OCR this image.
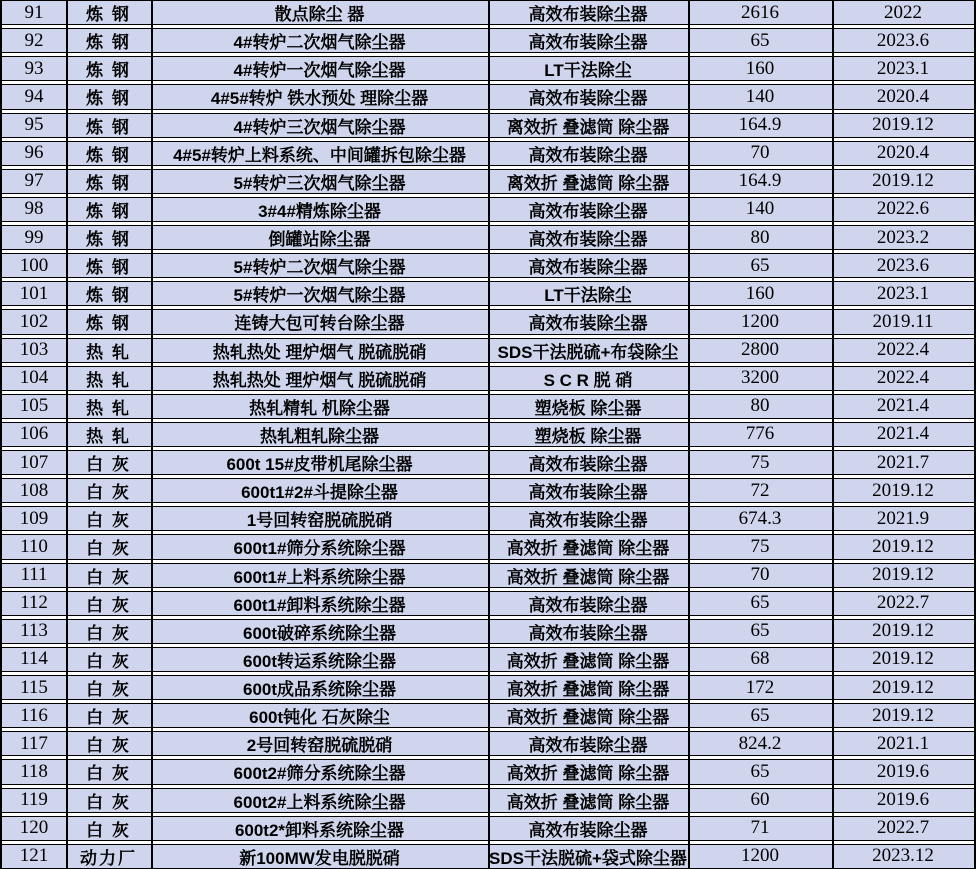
91	炼 钢	散点除尘 器	高效布装除尘器	2616	2022
92	炼 钢	4#转炉二次烟气除尘器	高效布装除尘器	65	2023.6
93	炼 钢	4#转炉一次烟气除尘器	LT干法除尘	160	2023.1
94	炼 钢	4#5#转炉 铁水预处 理除尘器	高效布装除尘器	140	2020.4
95	炼 钢	4#转炉三次烟气除尘器	离效折 叠滤筒 除尘器	164.9	2019.12
96	炼 钢	4#5#转炉上料系统、中间罐拆包除尘器	高效布装除尘器	70	2020.4
97	炼 钢	5#转炉三次烟气除尘器	离效折 叠滤筒 除尘器	164.9	2019.12
98	炼 钢	3#4#精炼除尘器	高效布装除尘器	140	2022.6
99	炼 钢	倒罐站除尘器	高效布装除尘器	80	2023.2
100	炼 钢	5#转炉二次烟气除尘器	高效布装除尘器	65	2023.6
101	炼 钢	5#转炉一次烟气除尘器	LT干法除尘	160	2023.1
102	炼 钢	连铸大包可转台除尘器	高效布装除尘器	1200	2019.11
103	热 轧	热轧热处 理炉烟气 脱硫脱硝	SDS干法脱硫+布袋除尘	2800	2022.4
104	热 轧	热轧热处 理炉烟气 脱硫脱硝	S C R 脱 硝	3200	2022.4
105	热 轧	热轧精轧 机除尘器	塑烧板 除尘器	80	2021.4
106	热 轧	热轧粗轧除尘器	塑烧板 除尘器	776	2021.4
107	白 灰	600t 15#皮带机尾除尘器	高效布装除尘器	75	2021.7
108	白 灰	600t1#2#斗提除尘器	高效布装除尘器	72	2019.12
109	白 灰	1号回转窑脱硫脱硝	高效布装除尘器	674.3	2021.9
110	白 灰	600t1#筛分系统除尘器	高效折 叠滤筒 除尘器	75	2019.12
111	白 灰	600t1#上料系统除尘器	高效折 叠滤筒 除尘器	70	2019.12
112	白 灰	600t1#卸料系统除尘器	高效布装除尘器	65	2022.7
113	白 灰	600t破碎系统除尘器	高效布装除尘器	65	2019.12
114	白 灰	600t转运系统除尘器	高效折 叠滤筒 除尘器	68	2019.12
115	白 灰	600t成品系统除尘器	高效折 叠滤筒 除尘器	172	2019.12
116	白 灰	600t钝化 石灰除尘	高效折 叠滤筒 除尘器	65	2019.12
117	白 灰	2号回转窑脱硫脱硝	高效布装除尘器	824.2	2021.1
118	白 灰	600t2#筛分系统除尘器	高效折 叠滤筒 除尘器	65	2019.6
119	白 灰	600t2#上料系统除尘器	高效折 叠滤筒 除尘器	60	2019.6
120	白 灰	600t2*卸料系统除尘器	高效布装除尘器	71	2022.7
121	动力厂	新100MW发电脱脱硝	SDS干法脱硫+袋式除尘器	1200	2023.12
